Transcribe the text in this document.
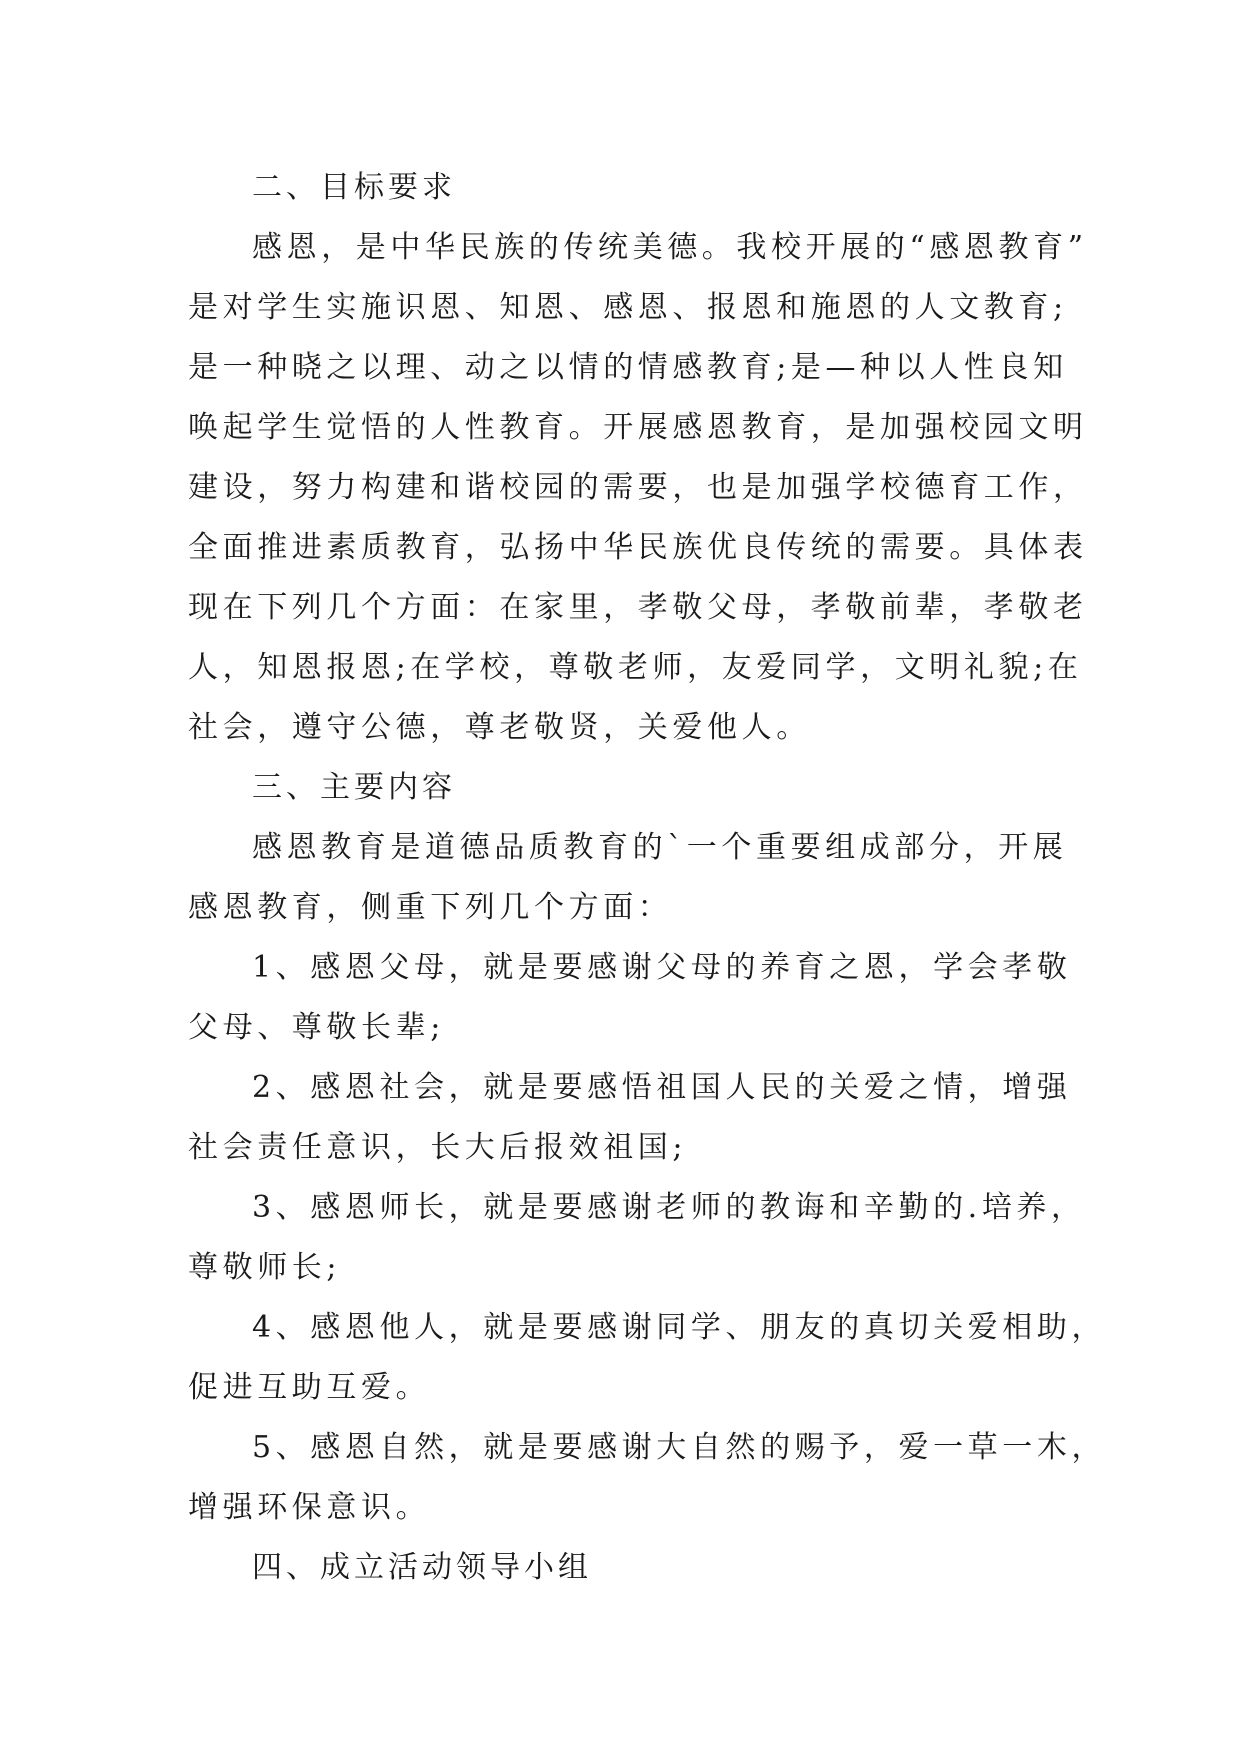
二、目标要求
感恩，是中华民族的传统美德。我校开展的“感恩教育”
是对学生实施识恩、知恩、感恩、报恩和施恩的人文教育;
是一种晓之以理、动之以情的情感教育;是—种以人性良知
唤起学生觉悟的人性教育。开展感恩教育，是加强校园文明
建设，努力构建和谐校园的需要，也是加强学校德育工作，
全面推进素质教育，弘扬中华民族优良传统的需要。具体表
现在下列几个方面：在家里，孝敬父母，孝敬前辈，孝敬老
人，知恩报恩;在学校，尊敬老师，友爱同学，文明礼貌;在
社会，遵守公德，尊老敬贤，关爱他人。
三、主要内容
感恩教育是道德品质教育的`一个重要组成部分，开展
感恩教育，侧重下列几个方面：
1、感恩父母，就是要感谢父母的养育之恩，学会孝敬
父母、尊敬长辈;
2、感恩社会，就是要感悟祖国人民的关爱之情，增强
社会责任意识，长大后报效祖国;
3、感恩师长，就是要感谢老师的教诲和辛勤的.培养，
尊敬师长;
4、感恩他人，就是要感谢同学、朋友的真切关爱相助，
促进互助互爱。
5、感恩自然，就是要感谢大自然的赐予，爱一草一木，
增强环保意识。
四、成立活动领导小组
